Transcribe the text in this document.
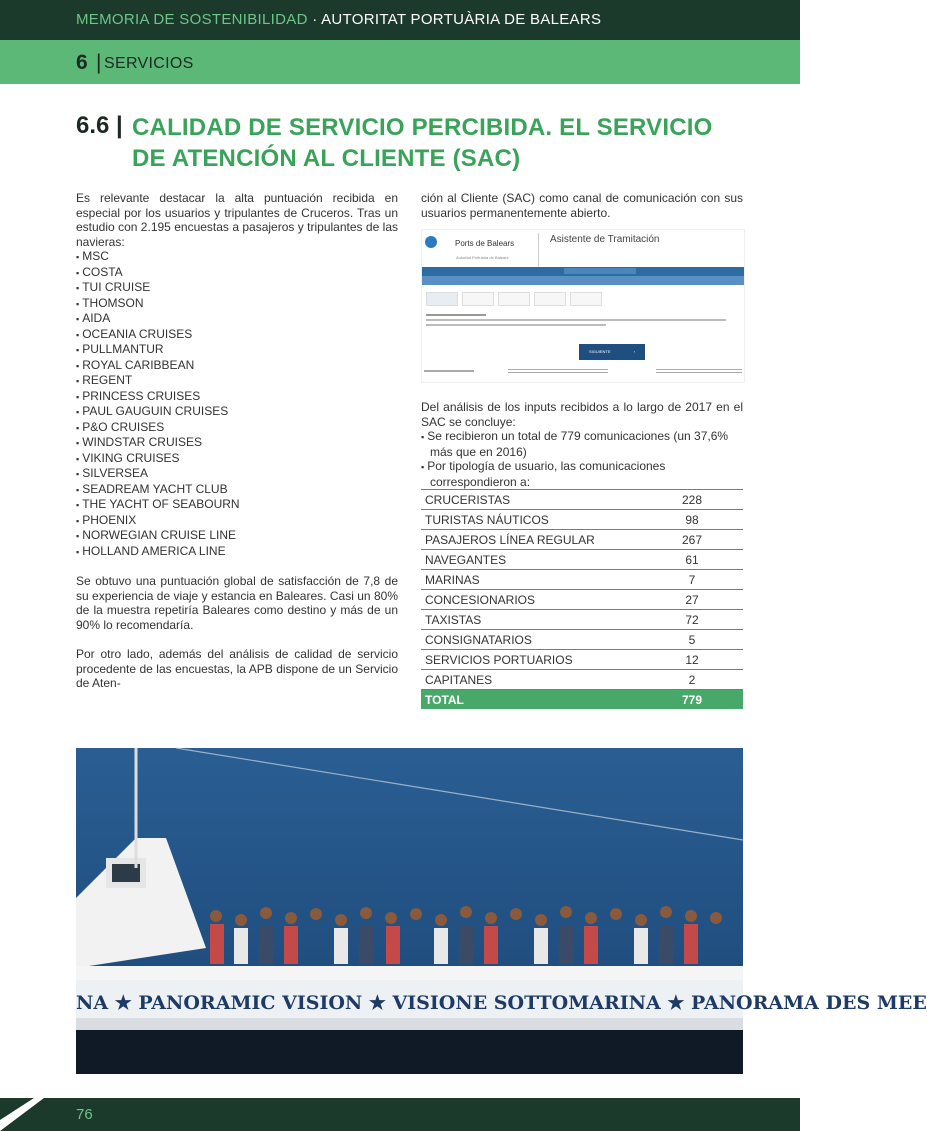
MEMORIA DE SOSTENIBILIDAD · AUTORITAT PORTUÀRIA DE BALEARS
6 | SERVICIOS
6.6 | CALIDAD DE SERVICIO PERCIBIDA. EL SERVICIO DE ATENCIÓN AL CLIENTE (SAC)

Es relevante destacar la alta puntuación recibida en especial por los usuarios y tripulantes de Cruceros. Tras un estudio con 2.195 encuestas a pasajeros y tripulantes de las navieras:

▪ MSC
▪ COSTA
▪ TUI CRUISE
▪ THOMSON
▪ AIDA
▪ OCEANIA CRUISES
▪ PULLMANTUR
▪ ROYAL CARIBBEAN
▪ REGENT
▪ PRINCESS CRUISES
▪ PAUL GAUGUIN CRUISES
▪ P&O CRUISES
▪ WINDSTAR CRUISES
▪ VIKING CRUISES
▪ SILVERSEA
▪ SEADREAM YACHT CLUB
▪ THE YACHT OF SEABOURN
▪ PHOENIX
▪ NORWEGIAN CRUISE LINE
▪ HOLLAND AMERICA LINE

Se obtuvo una puntuación global de satisfacción de 7,8 de su experiencia de viaje y estancia en Baleares. Casi un 80% de la muestra repetiría Baleares como destino y más de un 90% lo recomendaría.

Por otro lado, además del análisis de calidad de servicio procedente de las encuestas, la APB dispone de un Servicio de Aten-

ción al Cliente (SAC) como canal de comunicación con sus usuarios permanentemente abierto.
Ports de Balears
Autoritat Portuària de Balears
Asistente de Tramitación
SIGUIENTE	›

Del análisis de los inputs recibidos a lo largo de 2017 en el SAC se concluye:

▪ Se recibieron un total de 779 comunicaciones (un 37,6% más que en 2016)
▪ Por tipología de usuario, las comunicaciones correspondieron a:
CRUCERISTAS	228
TURISTAS NÁUTICOS	98
PASAJEROS LÍNEA REGULAR	267
NAVEGANTES	61
MARINAS	7
CONCESIONARIOS	27
TAXISTAS	72
CONSIGNATARIOS	5
SERVICIOS PORTUARIOS	12
CAPITANES	2
TOTAL	779
NA ★ PANORAMIC VISION ★ VISIONE SOTTOMARINA ★ PANORAMA DES MEE
76
